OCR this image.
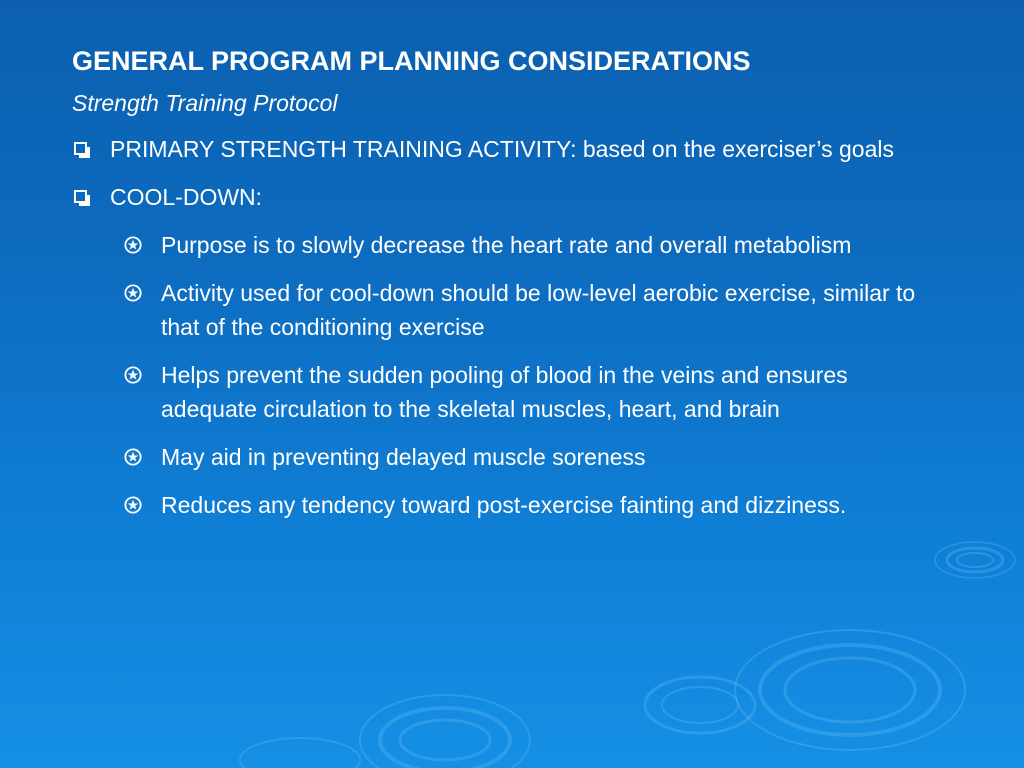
GENERAL PROGRAM PLANNING CONSIDERATIONS
Strength Training Protocol
PRIMARY STRENGTH TRAINING ACTIVITY: based on the exerciser’s goals
COOL-DOWN:
Purpose is to slowly decrease the heart rate and overall metabolism
Activity used for cool-down should be low-level aerobic exercise, similar to that of the conditioning exercise
Helps prevent the sudden pooling of blood in the veins and ensures adequate circulation to the skeletal muscles, heart, and brain
May aid in preventing delayed muscle soreness
Reduces any tendency toward post-exercise fainting and dizziness.
